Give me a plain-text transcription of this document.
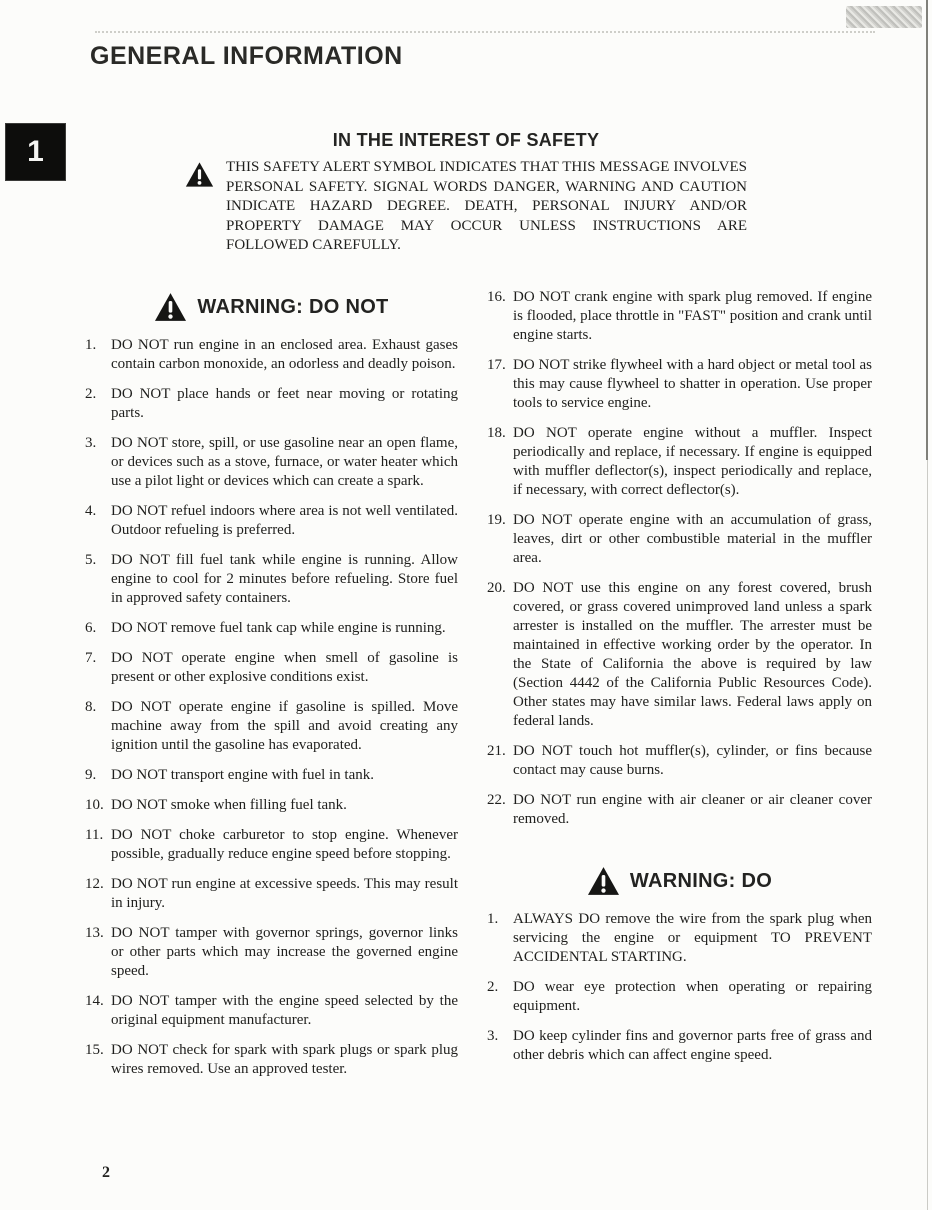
GENERAL INFORMATION
1	IN THE INTEREST OF SAFETY

THIS SAFETY ALERT SYMBOL INDICATES THAT THIS MESSAGE INVOLVES PERSONAL SAFETY. SIGNAL WORDS DANGER, WARNING AND CAUTION INDICATE HAZARD DEGREE. DEATH, PERSONAL INJURY AND/OR PROPERTY DAMAGE MAY OCCUR UNLESS INSTRUCTIONS ARE FOLLOWED CAREFULLY.

WARNING: DO NOT
1. DO NOT run engine in an enclosed area. Exhaust gases contain carbon monoxide, an odorless and deadly poison.
2. DO NOT place hands or feet near moving or rotating parts.
3. DO NOT store, spill, or use gasoline near an open flame, or devices such as a stove, furnace, or water heater which use a pilot light or devices which can create a spark.
4. DO NOT refuel indoors where area is not well ventilated. Outdoor refueling is preferred.
5. DO NOT fill fuel tank while engine is running. Allow engine to cool for 2 minutes before refueling. Store fuel in approved safety containers.
6. DO NOT remove fuel tank cap while engine is running.
7. DO NOT operate engine when smell of gasoline is present or other explosive conditions exist.
8. DO NOT operate engine if gasoline is spilled. Move machine away from the spill and avoid creating any ignition until the gasoline has evaporated.
9. DO NOT transport engine with fuel in tank.
10. DO NOT smoke when filling fuel tank.
11. DO NOT choke carburetor to stop engine. Whenever possible, gradually reduce engine speed before stopping.
12. DO NOT run engine at excessive speeds. This may result in injury.
13. DO NOT tamper with governor springs, governor links or other parts which may increase the governed engine speed.
14. DO NOT tamper with the engine speed selected by the original equipment manufacturer.
15. DO NOT check for spark with spark plugs or spark plug wires removed. Use an approved tester.
16. DO NOT crank engine with spark plug removed. If engine is flooded, place throttle in "FAST" position and crank until engine starts.
17. DO NOT strike flywheel with a hard object or metal tool as this may cause flywheel to shatter in operation. Use proper tools to service engine.
18. DO NOT operate engine without a muffler. Inspect periodically and replace, if necessary. If engine is equipped with muffler deflector(s), inspect periodically and replace, if necessary, with correct deflector(s).
19. DO NOT operate engine with an accumulation of grass, leaves, dirt or other combustible material in the muffler area.
20. DO NOT use this engine on any forest covered, brush covered, or grass covered unimproved land unless a spark arrester is installed on the muffler. The arrester must be maintained in effective working order by the operator. In the State of California the above is required by law (Section 4442 of the California Public Resources Code). Other states may have similar laws. Federal laws apply on federal lands.
21. DO NOT touch hot muffler(s), cylinder, or fins because contact may cause burns.
22. DO NOT run engine with air cleaner or air cleaner cover removed.
WARNING: DO
1. ALWAYS DO remove the wire from the spark plug when servicing the engine or equipment TO PREVENT ACCIDENTAL STARTING.
2. DO wear eye protection when operating or repairing equipment.
3. DO keep cylinder fins and governor parts free of grass and other debris which can affect engine speed.
2
